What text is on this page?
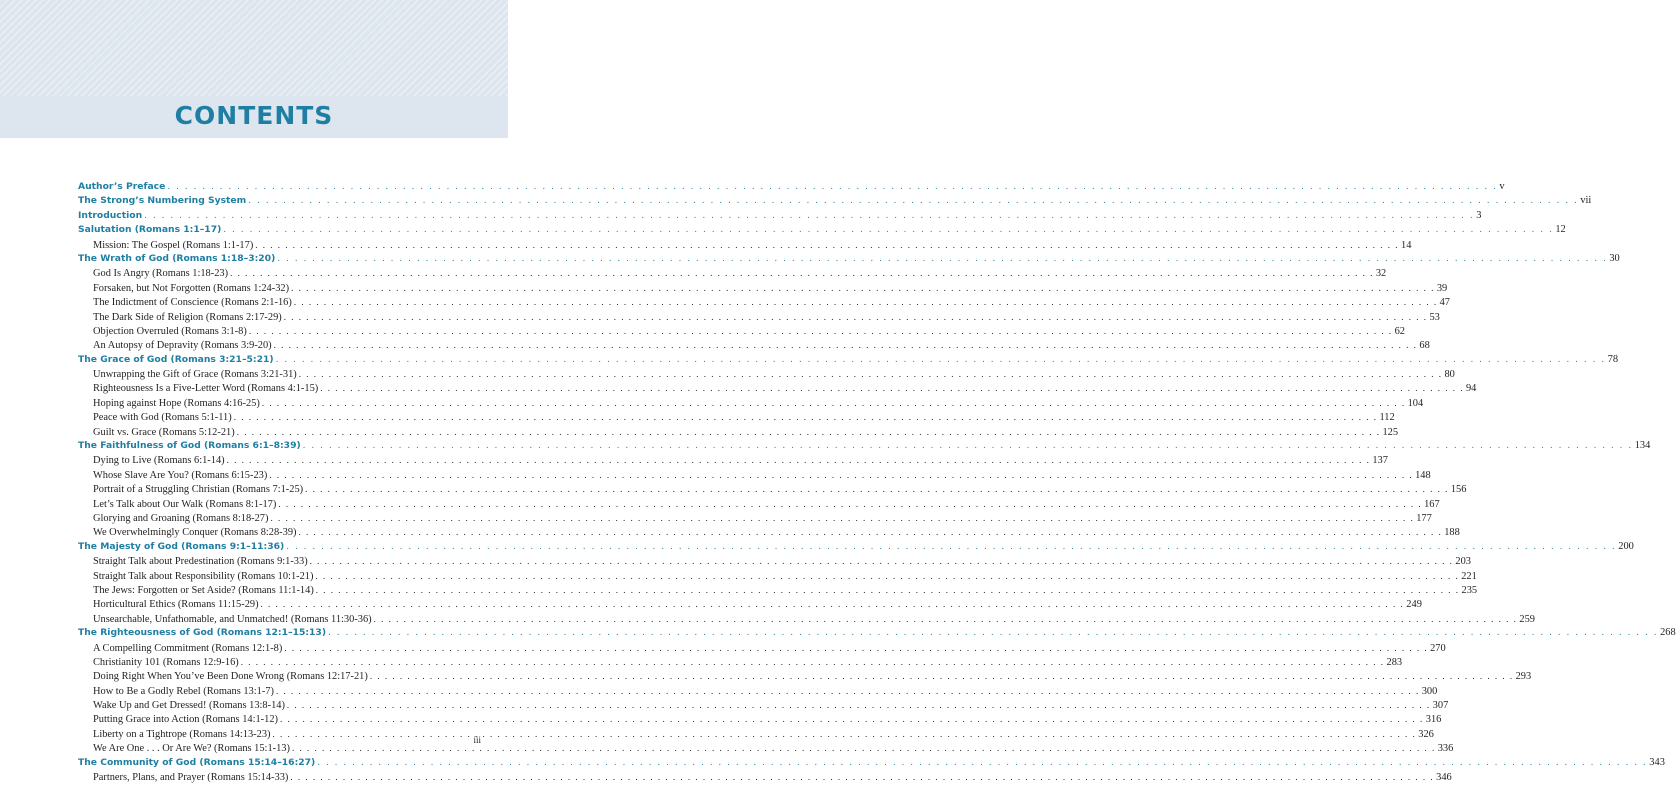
CONTENTS
Author’s Preface . . .	v
The Strong’s Numbering System . . .	vii
Introduction . . .	3
Salutation (Romans 1:1–17) . . .	12
Mission: The Gospel (Romans 1:1-17) . . .	14
The Wrath of God (Romans 1:18–3:20) . . .	30
God Is Angry (Romans 1:18-23) . . .	32
Forsaken, but Not Forgotten (Romans 1:24-32) . . .	39
The Indictment of Conscience (Romans 2:1-16) . . .	47
The Dark Side of Religion (Romans 2:17-29) . . .	53
Objection Overruled (Romans 3:1-8) . . .	62
An Autopsy of Depravity (Romans 3:9-20) . . .	68
The Grace of God (Romans 3:21–5:21) . . .	78
Unwrapping the Gift of Grace (Romans 3:21-31) . . .	80
Righteousness Is a Five-Letter Word (Romans 4:1-15) . . .	94
Hoping against Hope (Romans 4:16-25) . . .	104
Peace with God (Romans 5:1-11) . . .	112
Guilt vs. Grace (Romans 5:12-21) . . .	125
The Faithfulness of God (Romans 6:1–8:39) . . .	134
Dying to Live (Romans 6:1-14) . . .	137
Whose Slave Are You? (Romans 6:15-23) . . .	148
Portrait of a Struggling Christian (Romans 7:1-25) . . .	156
Let’s Talk about Our Walk (Romans 8:1-17) . . .	167
Glorying and Groaning (Romans 8:18-27) . . .	177
We Overwhelmingly Conquer (Romans 8:28-39) . . .	188
The Majesty of God (Romans 9:1–11:36) . . .	200
Straight Talk about Predestination (Romans 9:1-33) . . .	203
Straight Talk about Responsibility (Romans 10:1-21) . . .	221
The Jews: Forgotten or Set Aside? (Romans 11:1-14) . . .	235
Horticultural Ethics (Romans 11:15-29) . . .	249
Unsearchable, Unfathomable, and Unmatched! (Romans 11:30-36) . . .	259
The Righteousness of God (Romans 12:1–15:13) . . .	268
A Compelling Commitment (Romans 12:1-8) . . .	270
Christianity 101 (Romans 12:9-16) . . .	283
Doing Right When You’ve Been Done Wrong (Romans 12:17-21) . . .	293
How to Be a Godly Rebel (Romans 13:1-7) . . .	300
Wake Up and Get Dressed! (Romans 13:8-14) . . .	307
Putting Grace into Action (Romans 14:1-12) . . .	316
Liberty on a Tightrope (Romans 14:13-23) . . .	326
We Are One . . . Or Are We? (Romans 15:1-13) . . .	336
The Community of God (Romans 15:14–16:27) . . .	343
Partners, Plans, and Prayer (Romans 15:14-33) . . .	346
iii
